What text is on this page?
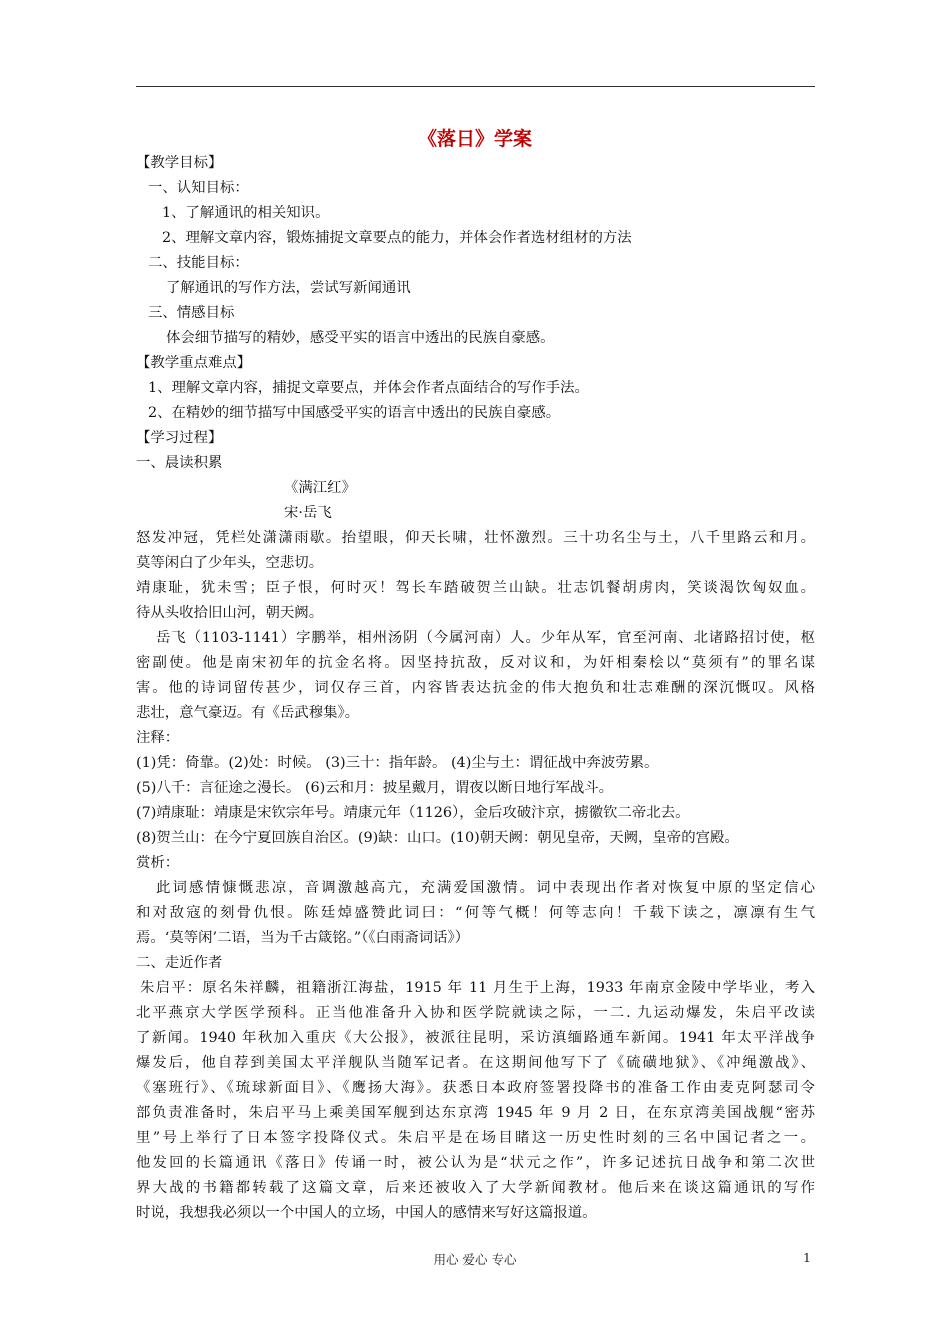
《落日》学案
【教学目标】
一、认知目标：
1、了解通讯的相关知识。
2、理解文章内容，锻炼捕捉文章要点的能力，并体会作者选材组材的方法
二、技能目标：
了解通讯的写作方法，尝试写新闻通讯
三、情感目标
体会细节描写的精妙，感受平实的语言中透出的民族自豪感。
【教学重点难点】
1、理解文章内容，捕捉文章要点，并体会作者点面结合的写作手法。
2、在精妙的细节描写中国感受平实的语言中透出的民族自豪感。
【学习过程】
一、晨读积累
《满江红》
宋·岳飞
怒发冲冠，凭栏处潇潇雨歇。抬望眼，仰天长啸，壮怀激烈。三十功名尘与土，八千里路云和月。
莫等闲白了少年头，空悲切。
靖康耻，犹未雪；臣子恨，何时灭！驾长车踏破贺兰山缺。壮志饥餐胡虏肉，笑谈渴饮匈奴血。
待从头收拾旧山河，朝天阙。
岳飞（1103-1141）字鹏举，相州汤阴（今属河南）人。少年从军，官至河南、北诸路招讨使，枢
密副使。他是南宋初年的抗金名将。因坚持抗敌，反对议和，为奸相秦桧以“莫须有”的罪名谋
害。他的诗词留传甚少，词仅存三首，内容皆表达抗金的伟大抱负和壮志难酬的深沉慨叹。风格
悲壮，意气豪迈。有《岳武穆集》。
注释：
(1)凭：倚靠。(2)处：时候。 (3)三十：指年龄。 (4)尘与土：谓征战中奔波劳累。
(5)八千：言征途之漫长。 (6)云和月：披星戴月，谓夜以断日地行军战斗。
(7)靖康耻：靖康是宋钦宗年号。靖康元年（1126），金后攻破汴京，掳徽钦二帝北去。
(8)贺兰山：在今宁夏回族自治区。(9)缺：山口。(10)朝天阙：朝见皇帝，天阙，皇帝的宫殿。
赏析：
此词感情慷慨悲凉，音调激越高亢，充满爱国激情。词中表现出作者对恢复中原的坚定信心
和对敌寇的刻骨仇恨。陈廷焯盛赞此词曰：“何等气概！何等志向！千载下读之，凛凛有生气
焉。‘莫等闲’二语，当为千古箴铭。”（《白雨斋词话》）
二、走近作者
朱启平：原名朱祥麟，祖籍浙江海盐，1915 年 11 月生于上海，1933 年南京金陵中学毕业，考入
北平燕京大学医学预科。正当他准备升入协和医学院就读之际，一二. 九运动爆发，朱启平改读
了新闻。1940 年秋加入重庆《大公报》，被派往昆明，采访滇缅路通车新闻。1941 年太平洋战争
爆发后，他自荐到美国太平洋舰队当随军记者。在这期间他写下了《硫磺地狱》、《冲绳激战》、
《塞班行》、《琉球新面目》、《鹰扬大海》。获悉日本政府签署投降书的准备工作由麦克阿瑟司令
部负责准备时，朱启平马上乘美国军舰到达东京湾 1945 年 9 月 2 日，在东京湾美国战舰“密苏
里”号上举行了日本签字投降仪式。朱启平是在场目睹这一历史性时刻的三名中国记者之一。
他发回的长篇通讯《落日》传诵一时，被公认为是“状元之作”，许多记述抗日战争和第二次世
界大战的书籍都转载了这篇文章，后来还被收入了大学新闻教材。他后来在谈这篇通讯的写作
时说，我想我必须以一个中国人的立场，中国人的感情来写好这篇报道。
用心 爱心 专心	1
